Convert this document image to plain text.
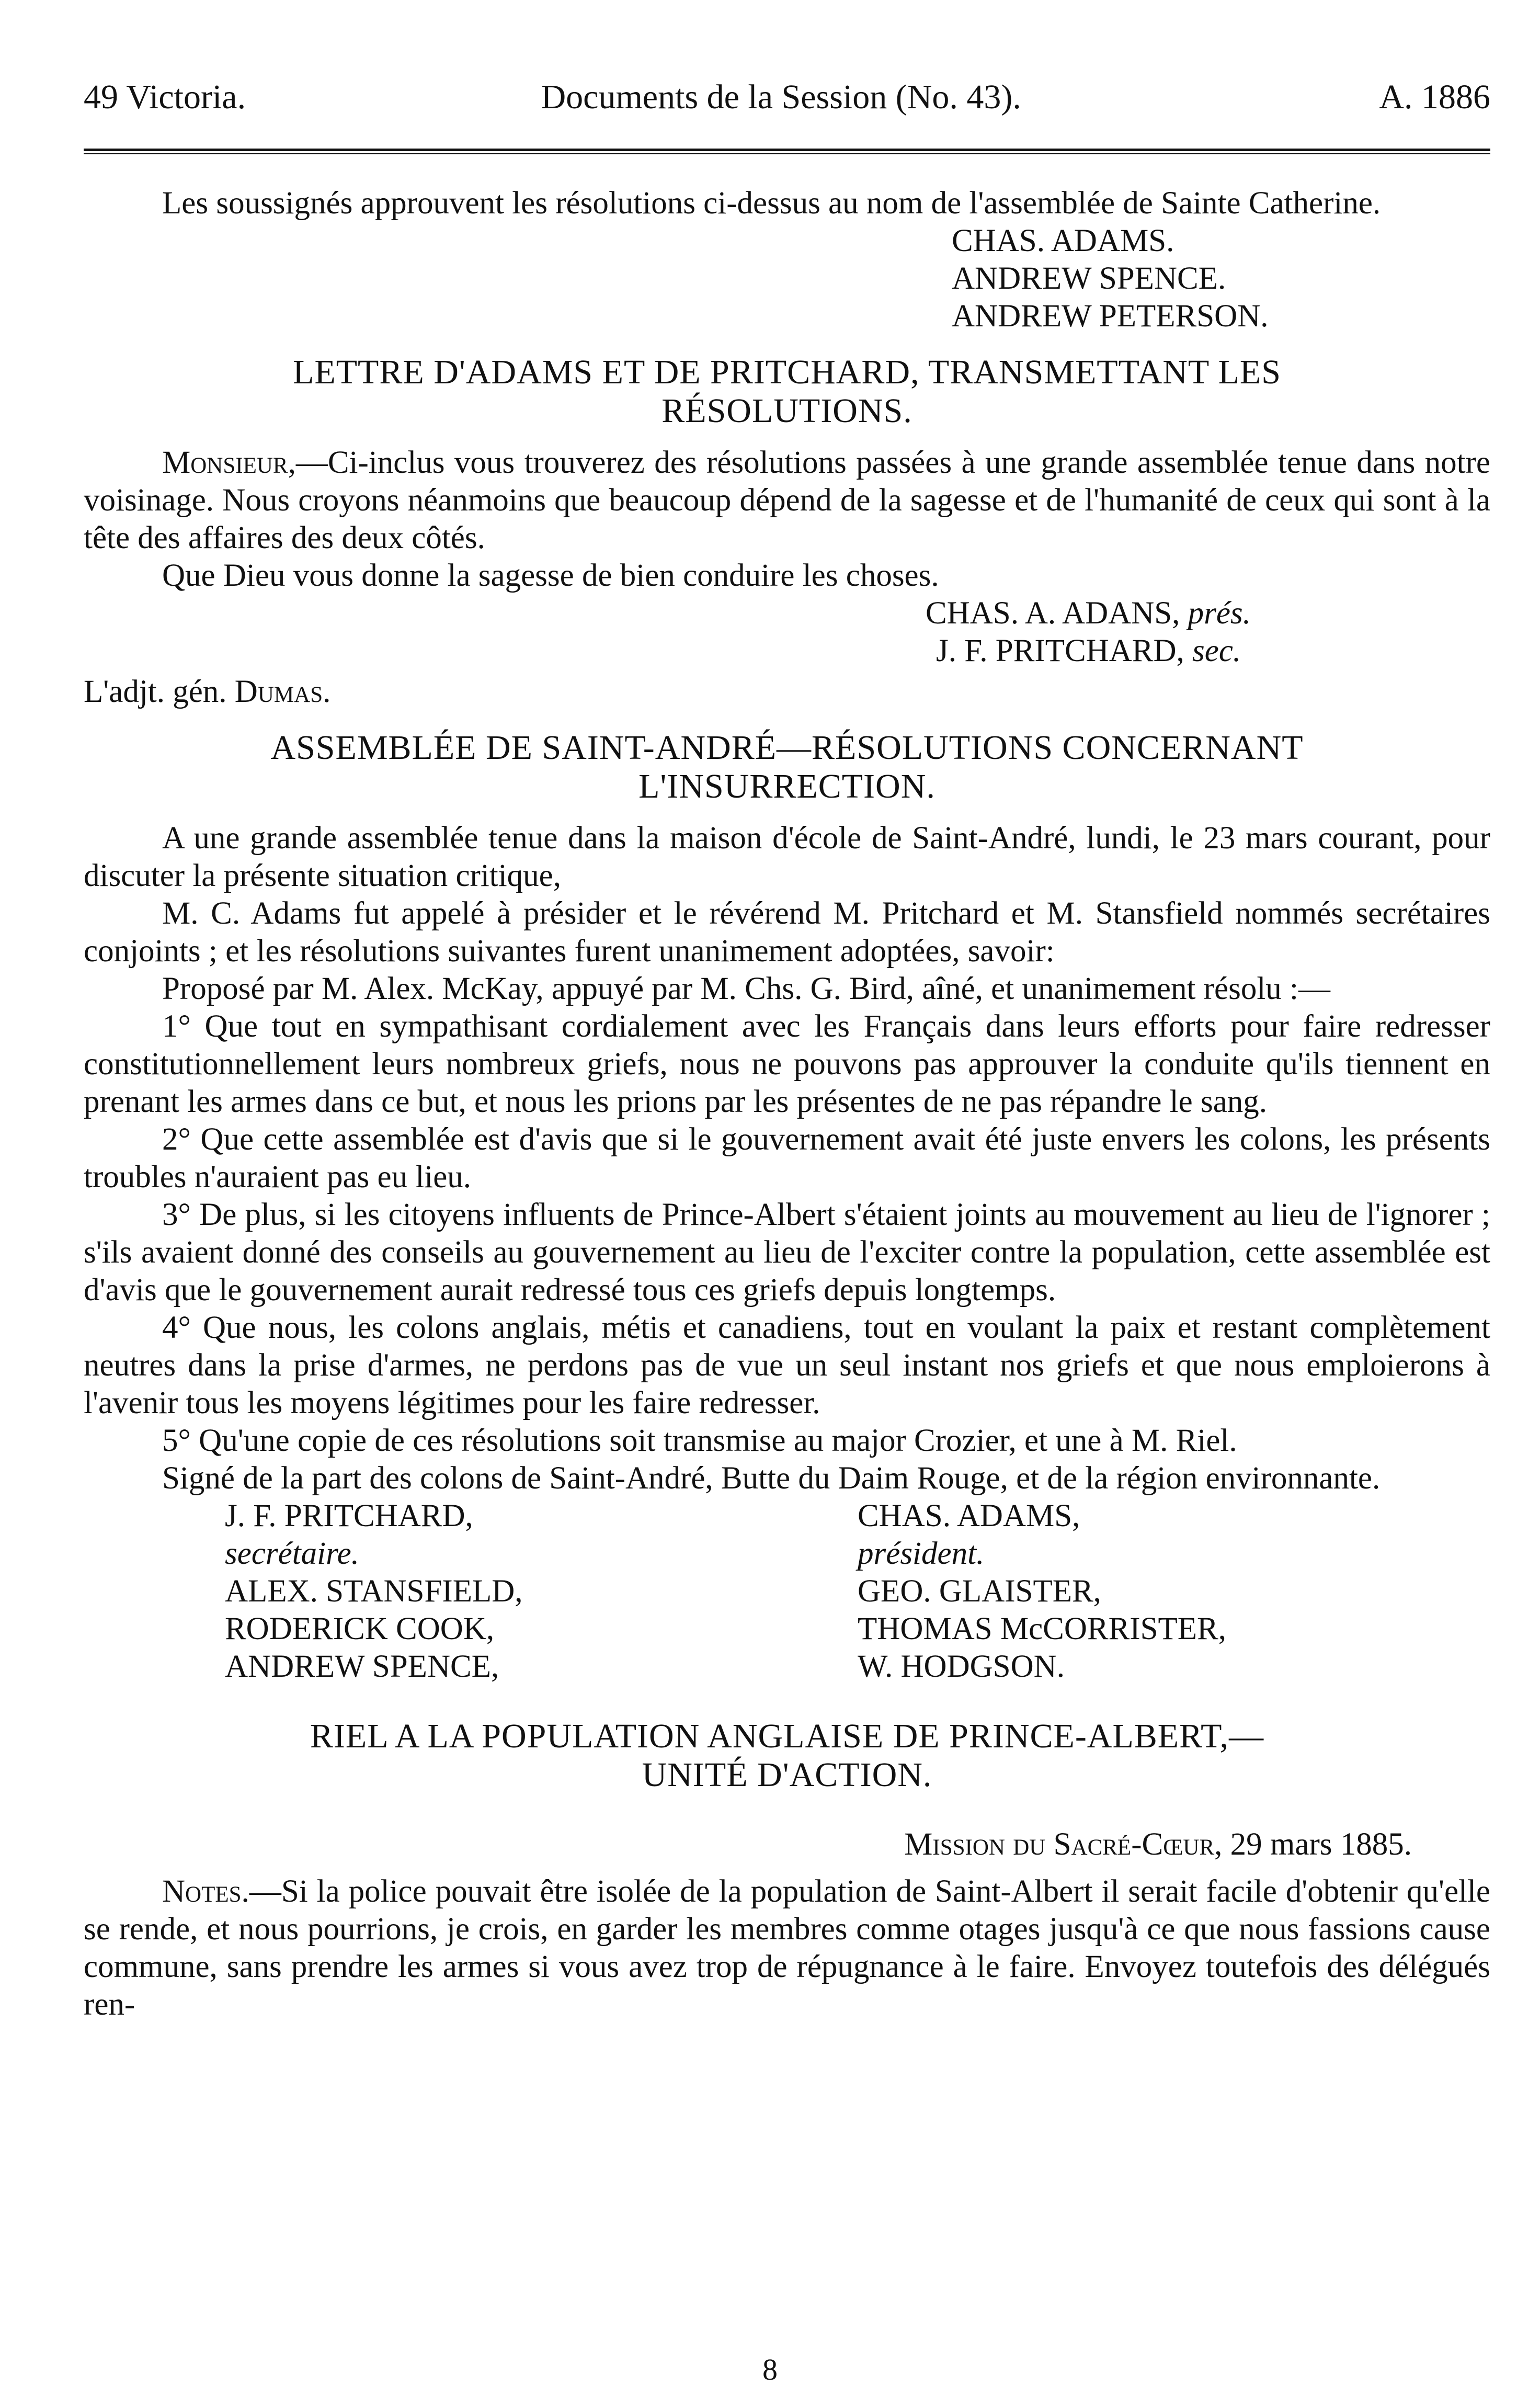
49 Victoria.	Documents de la Session (No. 43).	A. 1886

Les soussignés approuvent les résolutions ci-dessus au nom de l'assemblée de Sainte Catherine.

CHAS. ADAMS.
ANDREW SPENCE.
ANDREW PETERSON.
LETTRE D'ADAMS ET DE PRITCHARD, TRANSMETTANT LES
RÉSOLUTIONS.

Monsieur,—Ci-inclus vous trouverez des résolutions passées à une grande assemblée tenue dans notre voisinage. Nous croyons néanmoins que beaucoup dépend de la sagesse et de l'humanité de ceux qui sont à la tête des affaires des deux côtés.

Que Dieu vous donne la sagesse de bien conduire les choses.

CHAS. A. ADANS, prés.
J. F. PRITCHARD, sec.

L'adjt. gén. Dumas.

ASSEMBLÉE DE SAINT-ANDRÉ—RÉSOLUTIONS CONCERNANT
L'INSURRECTION.

A une grande assemblée tenue dans la maison d'école de Saint-André, lundi, le 23 mars courant, pour discuter la présente situation critique,

M. C. Adams fut appelé à présider et le révérend M. Pritchard et M. Stansfield nommés secrétaires conjoints ; et les résolutions suivantes furent unanimement adoptées, savoir:

Proposé par M. Alex. McKay, appuyé par M. Chs. G. Bird, aîné, et unanimement résolu :—

1° Que tout en sympathisant cordialement avec les Français dans leurs efforts pour faire redresser constitutionnellement leurs nombreux griefs, nous ne pouvons pas approuver la conduite qu'ils tiennent en prenant les armes dans ce but, et nous les prions par les présentes de ne pas répandre le sang.

2° Que cette assemblée est d'avis que si le gouvernement avait été juste envers les colons, les présents troubles n'auraient pas eu lieu.

3° De plus, si les citoyens influents de Prince-Albert s'étaient joints au mouvement au lieu de l'ignorer ; s'ils avaient donné des conseils au gouvernement au lieu de l'exciter contre la population, cette assemblée est d'avis que le gouvernement aurait redressé tous ces griefs depuis longtemps.

4° Que nous, les colons anglais, métis et canadiens, tout en voulant la paix et restant complètement neutres dans la prise d'armes, ne perdons pas de vue un seul instant nos griefs et que nous emploierons à l'avenir tous les moyens légitimes pour les faire redresser.

5° Qu'une copie de ces résolutions soit transmise au major Crozier, et une à M. Riel.

Signé de la part des colons de Saint-André, Butte du Daim Rouge, et de la région environnante.

J. F. PRITCHARD,
secrétaire.
ALEX. STANSFIELD,
RODERICK COOK,
ANDREW SPENCE,
CHAS. ADAMS,
président.
GEO. GLAISTER,
THOMAS McCORRISTER,
W. HODGSON.
RIEL A LA POPULATION ANGLAISE DE PRINCE-ALBERT,—
UNITÉ D'ACTION.
Mission du Sacré-Cœur, 29 mars 1885.

Notes.—Si la police pouvait être isolée de la population de Saint-Albert il serait facile d'obtenir qu'elle se rende, et nous pourrions, je crois, en garder les membres comme otages jusqu'à ce que nous fassions cause commune, sans prendre les armes si vous avez trop de répugnance à le faire. Envoyez toutefois des délégués ren-

8
